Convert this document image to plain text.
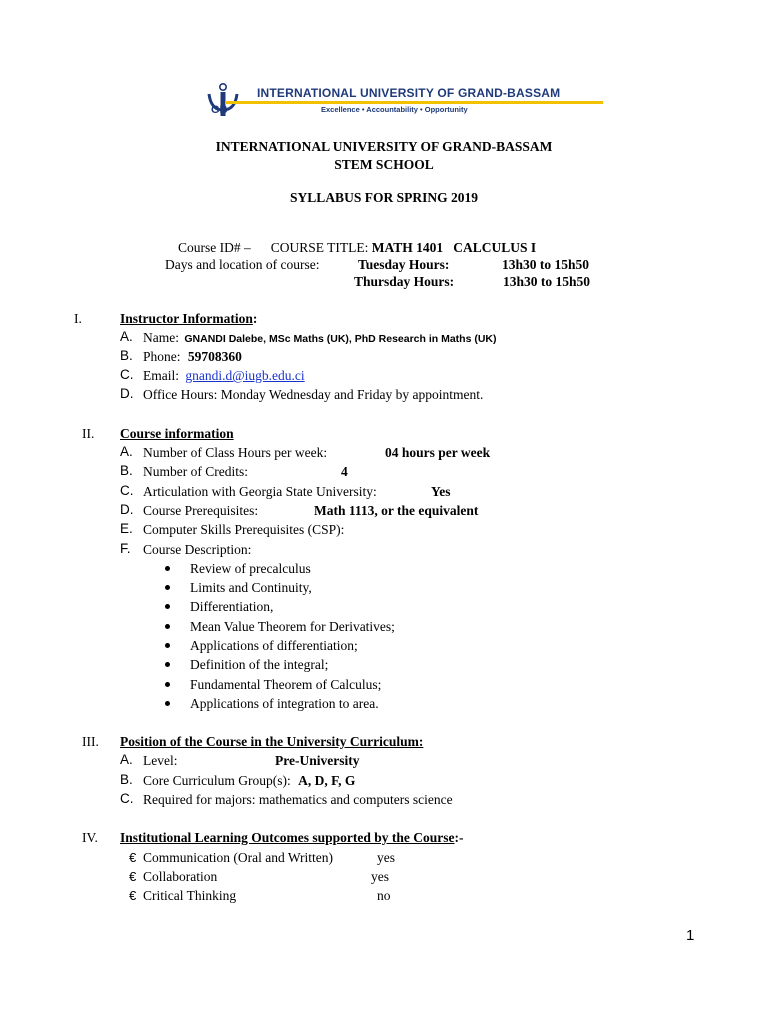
GB
INTERNATIONAL UNIVERSITY OF GRAND-BASSAM
Excellence • Accountability • Opportunity
INTERNATIONAL UNIVERSITY OF GRAND-BASSAM
STEM SCHOOL
SYLLABUS FOR SPRING 2019
Course ID# – COURSE TITLE: MATH 1401   CALCULUS I
Days and location of course:	Tuesday Hours:	13h30 to 15h50
Thursday Hours:	13h30 to 15h50
I.	Instructor Information:
A. Name: GNANDI Dalebe, MSc Maths (UK), PhD Research in Maths (UK)
B. Phone: 59708360
C. Email: gnandi.d@iugb.edu.ci
D. Office Hours: Monday Wednesday and Friday by appointment.
II. Course information
A. Number of Class Hours per week:	04 hours per week
B. Number of Credits:	4
C. Articulation with Georgia State University:	Yes
D. Course Prerequisites:	Math 1113, or the equivalent
E. Computer Skills Prerequisites (CSP):
F. Course Description:
Review of precalculus
Limits and Continuity,
Differentiation,
Mean Value Theorem for Derivatives;
Applications of differentiation;
Definition of the integral;
Fundamental Theorem of Calculus;
Applications of integration to area.
III. Position of the Course in the University Curriculum:
A. Level:	Pre-University
B. Core Curriculum Group(s): A, D, F, G
C. Required for majors: mathematics and computers science
IV. Institutional Learning Outcomes supported by the Course:-
€ Communication (Oral and Written)	yes
€ Collaboration	yes
€ Critical Thinking	no
1
